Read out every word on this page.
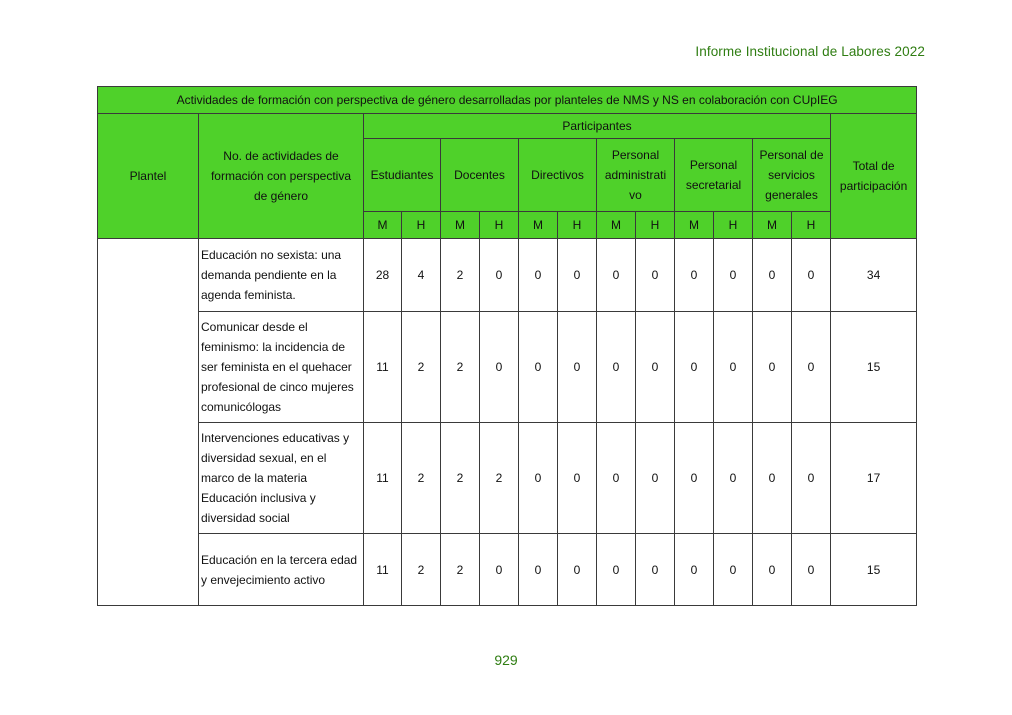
Informe Institucional de Labores 2022
Actividades de formación con perspectiva de género desarrolladas por planteles de NMS y NS en colaboración con CUpIEG														
Plantel	No. de actividades de formación con perspectiva de género	Participantes												Total de participación
		Estudiantes		Docentes		Directivos		Personal administrati vo		Personal secretarial		Personal de servicios generales		
		M	H	M	H	M	H	M	H	M	H	M	H	
	Educación no sexista: una demanda pendiente en la agenda feminista.	28	4	2	0	0	0	0	0	0	0	0	0	34
	Comunicar desde el feminismo: la incidencia de ser feminista en el quehacer profesional de cinco mujeres comunicólogas	11	2	2	0	0	0	0	0	0	0	0	0	15
	Intervenciones educativas y diversidad sexual, en el marco de la materia Educación inclusiva y diversidad social	11	2	2	2	0	0	0	0	0	0	0	0	17
	Educación en la tercera edad y envejecimiento activo	11	2	2	0	0	0	0	0	0	0	0	0	15
929
